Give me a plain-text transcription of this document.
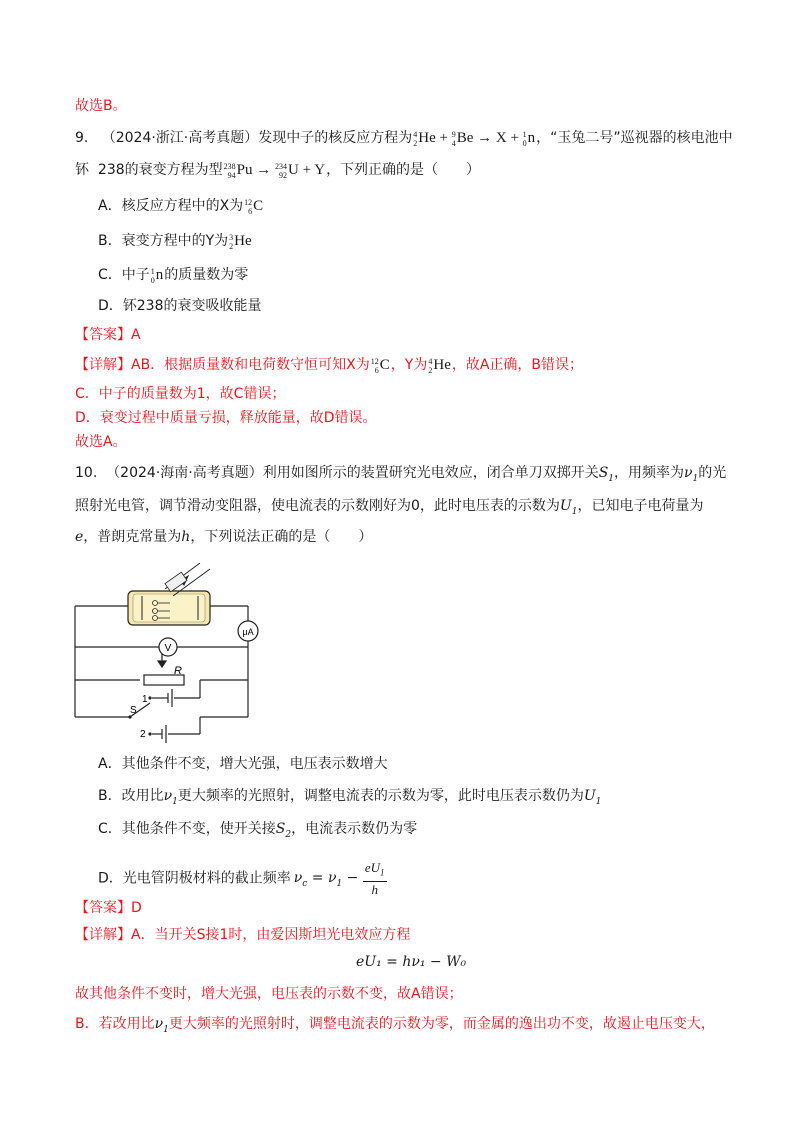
故选B。
9. （2024·浙江·高考真题）发现中子的核反应方程为 4
2 He + 9
4 Be → X + 1
0 n，“玉兔二号”巡视器的核电池中
钚 238的衰变方程为型 238
94 Pu → 234
92 U + Y，下列正确的是（　　）
A．核反应方程中的X为 12
6 C
B．衰变方程中的Y为 3
2 He
C．中子 1
0 n的质量数为零
D．钚238的衰变吸收能量
【答案】A
【详解】AB．根据质量数和电荷数守恒可知X为 12
6 C，Y为 4
2 He，故A正确，B错误；
C．中子的质量数为1，故C错误；
D．衰变过程中质量亏损，释放能量，故D错误。
故选A。
10. （2024·海南·高考真题）利用如图所示的装置研究光电效应，闭合单刀双掷开关$S_1$，用频率为$\nu_1$的光
照射光电管，调节滑动变阻器，使电流表的示数刚好为0，此时电压表的示数为$U_1$，已知电子电荷量为
e，普朗克常量为h，下列说法正确的是（　　）
μA
V
R
1
2
S
A．其他条件不变，增大光强，电压表示数增大
B．改用比$\nu_1$更大频率的光照射，调整电流表的示数为零，此时电压表示数仍为$U_1$
C．其他条件不变，使开关接$S_2$，电流表示数仍为零
D．光电管阴极材料的截止频率 $\nu_c = \nu_1 - \frac{eU_1}{h}$
【答案】D
【详解】A．当开关S接1时，由爱因斯坦光电效应方程
eU₁ = hν₁ − W₀
故其他条件不变时，增大光强，电压表的示数不变，故A错误；
B．若改用比$\nu_1$更大频率的光照射时，调整电流表的示数为零，而金属的逸出功不变，故遏止电压变大，
